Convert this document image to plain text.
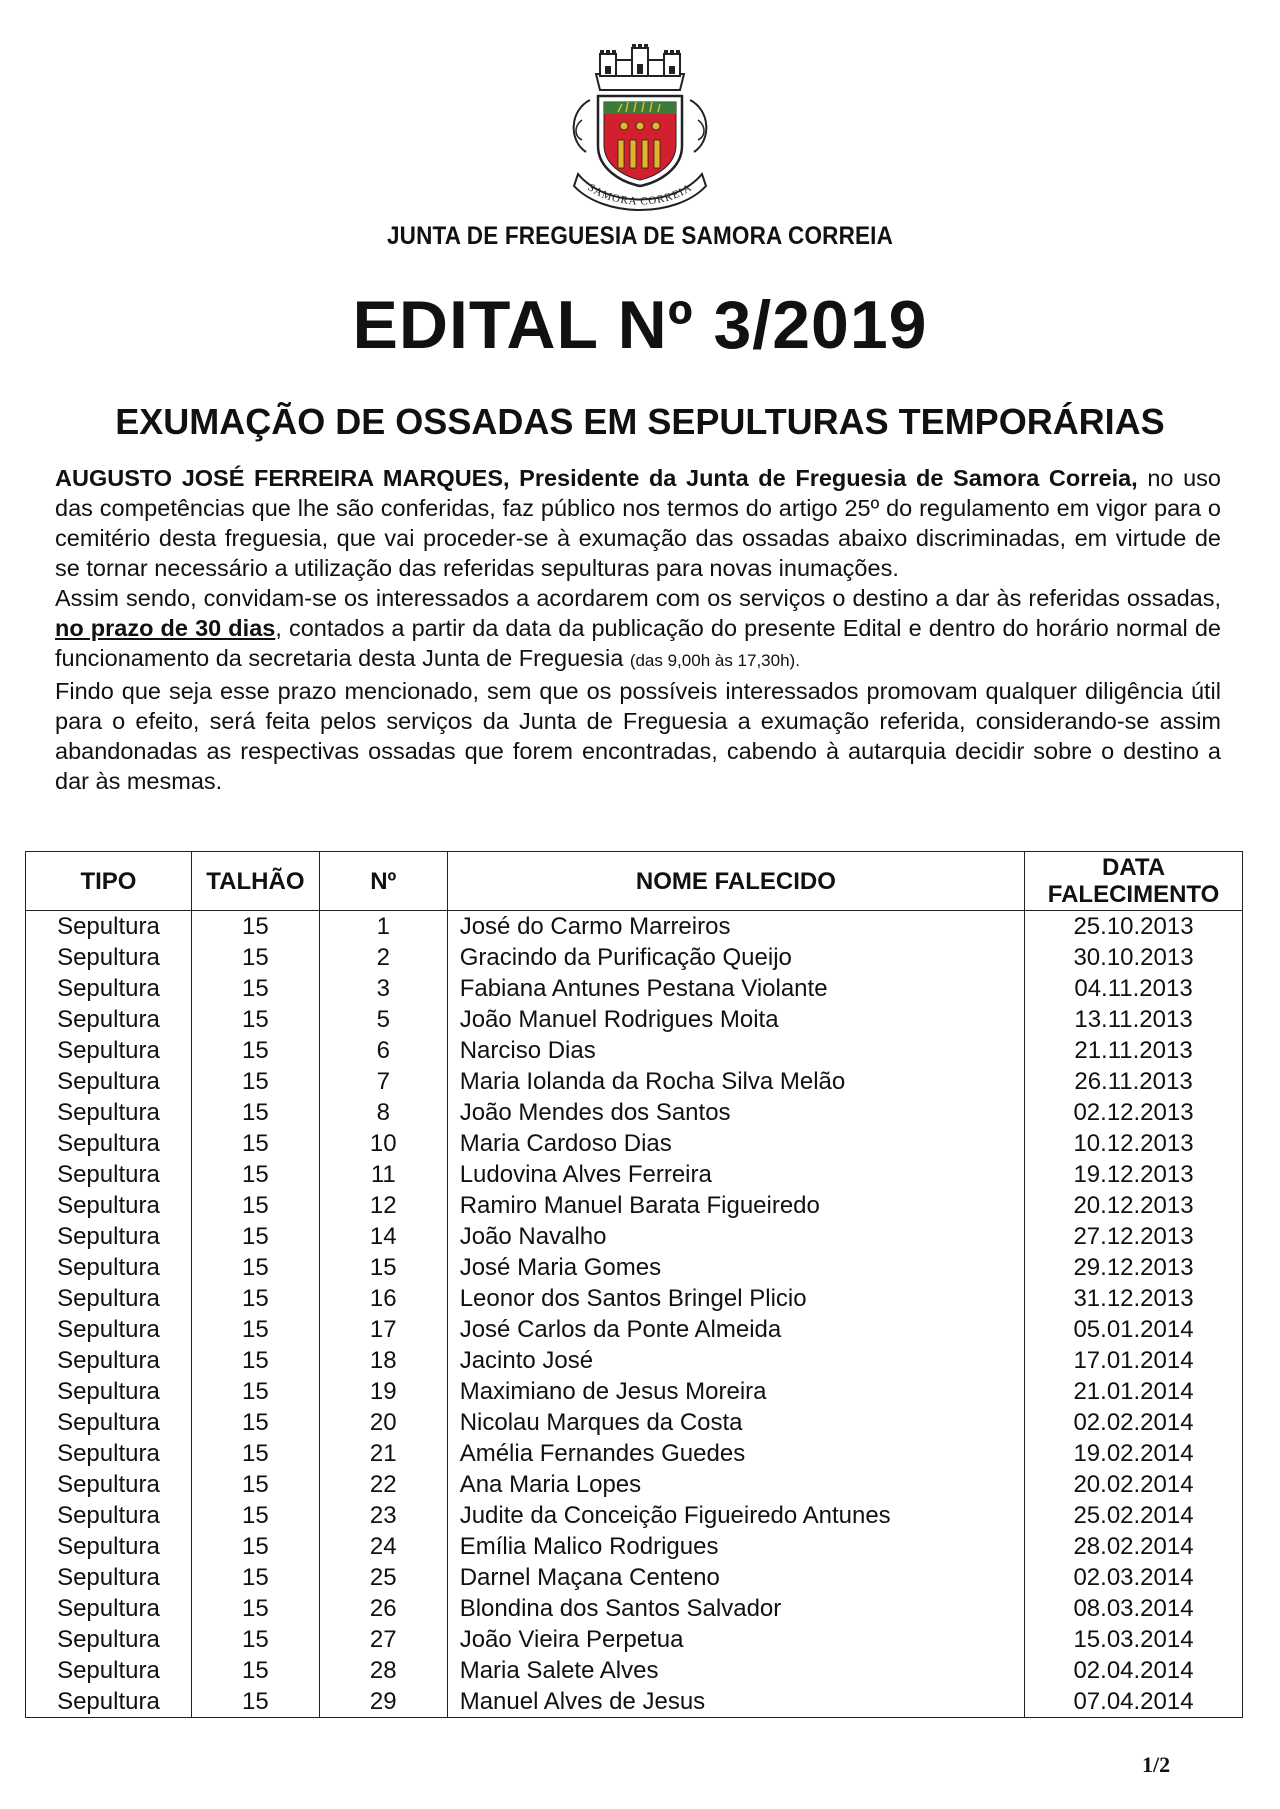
SAMORA CORREIA
JUNTA DE FREGUESIA DE SAMORA CORREIA
EDITAL Nº 3/2019
EXUMAÇÃO DE OSSADAS EM SEPULTURAS TEMPORÁRIAS

AUGUSTO JOSÉ FERREIRA MARQUES, Presidente da Junta de Freguesia de Samora Correia, no uso das competências que lhe são conferidas, faz público nos termos do artigo 25º do regulamento em vigor para o cemitério desta freguesia, que vai proceder-se à exumação das ossadas abaixo discriminadas, em virtude de se tornar necessário a utilização das referidas sepulturas para novas inumações.

Assim sendo, convidam-se os interessados a acordarem com os serviços o destino a dar às referidas ossadas, no prazo de 30 dias, contados a partir da data da publicação do presente Edital e dentro do horário normal de funcionamento da secretaria desta Junta de Freguesia (das 9,00h às 17,30h).

Findo que seja esse prazo mencionado, sem que os possíveis interessados promovam qualquer diligência útil para o efeito, será feita pelos serviços da Junta de Freguesia a exumação referida, considerando-se assim abandonadas as respectivas ossadas que forem encontradas, cabendo à autarquia decidir sobre o destino a dar às mesmas.

TIPO	TALHÃO	Nº	NOME FALECIDO	DATA FALECIMENTO
Sepultura	15	1	José do Carmo Marreiros	25.10.2013
Sepultura	15	2	Gracindo da Purificação Queijo	30.10.2013
Sepultura	15	3	Fabiana Antunes Pestana Violante	04.11.2013
Sepultura	15	5	João Manuel Rodrigues Moita	13.11.2013
Sepultura	15	6	Narciso Dias	21.11.2013
Sepultura	15	7	Maria Iolanda da Rocha Silva Melão	26.11.2013
Sepultura	15	8	João Mendes dos Santos	02.12.2013
Sepultura	15	10	Maria Cardoso Dias	10.12.2013
Sepultura	15	11	Ludovina Alves Ferreira	19.12.2013
Sepultura	15	12	Ramiro Manuel Barata Figueiredo	20.12.2013
Sepultura	15	14	João Navalho	27.12.2013
Sepultura	15	15	José Maria Gomes	29.12.2013
Sepultura	15	16	Leonor dos Santos Bringel Plicio	31.12.2013
Sepultura	15	17	José Carlos da Ponte Almeida	05.01.2014
Sepultura	15	18	Jacinto José	17.01.2014
Sepultura	15	19	Maximiano de Jesus Moreira	21.01.2014
Sepultura	15	20	Nicolau Marques da Costa	02.02.2014
Sepultura	15	21	Amélia Fernandes Guedes	19.02.2014
Sepultura	15	22	Ana Maria Lopes	20.02.2014
Sepultura	15	23	Judite da Conceição Figueiredo Antunes	25.02.2014
Sepultura	15	24	Emília Malico Rodrigues	28.02.2014
Sepultura	15	25	Darnel Maçana Centeno	02.03.2014
Sepultura	15	26	Blondina dos Santos Salvador	08.03.2014
Sepultura	15	27	João Vieira Perpetua	15.03.2014
Sepultura	15	28	Maria Salete Alves	02.04.2014
Sepultura	15	29	Manuel Alves de Jesus	07.04.2014
1/2
